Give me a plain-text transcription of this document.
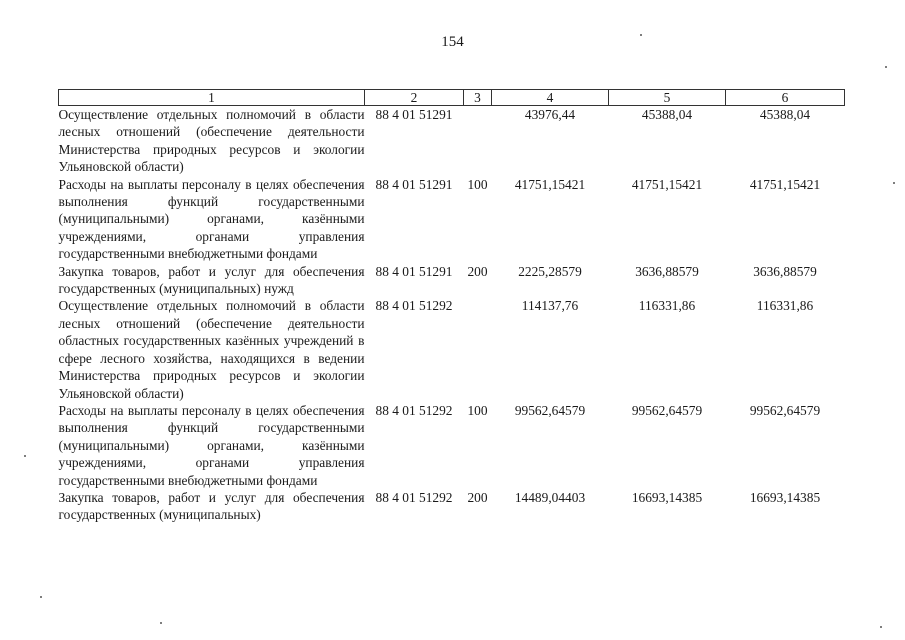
154
1	2	3	4	5	6
Осуществление отдельных полномочий в области лесных отношений (обеспечение деятельности Министерства природных ресурсов и экологии Ульяновской области)	88 4 01 51291		43976,44	45388,04	45388,04
Расходы на выплаты персоналу в целях обеспечения выполнения функций государственными (муниципальными) органами, казёнными учреждениями, органами управления государственными внебюджетными фондами	88 4 01 51291	100	41751,15421	41751,15421	41751,15421
Закупка товаров, работ и услуг для обеспечения государственных (муниципальных) нужд	88 4 01 51291	200	2225,28579	3636,88579	3636,88579
Осуществление отдельных полномочий в области лесных отношений (обеспечение деятельности областных государственных казённых учреждений в сфере лесного хозяйства, находящихся в ведении Министерства природных ресурсов и экологии Ульяновской области)	88 4 01 51292		114137,76	116331,86	116331,86
Расходы на выплаты персоналу в целях обеспечения выполнения функций государственными (муниципальными) органами, казёнными учреждениями, органами управления государственными внебюджетными фондами	88 4 01 51292	100	99562,64579	99562,64579	99562,64579
Закупка товаров, работ и услуг для обеспечения государственных (муниципальных)	88 4 01 51292	200	14489,04403	16693,14385	16693,14385
